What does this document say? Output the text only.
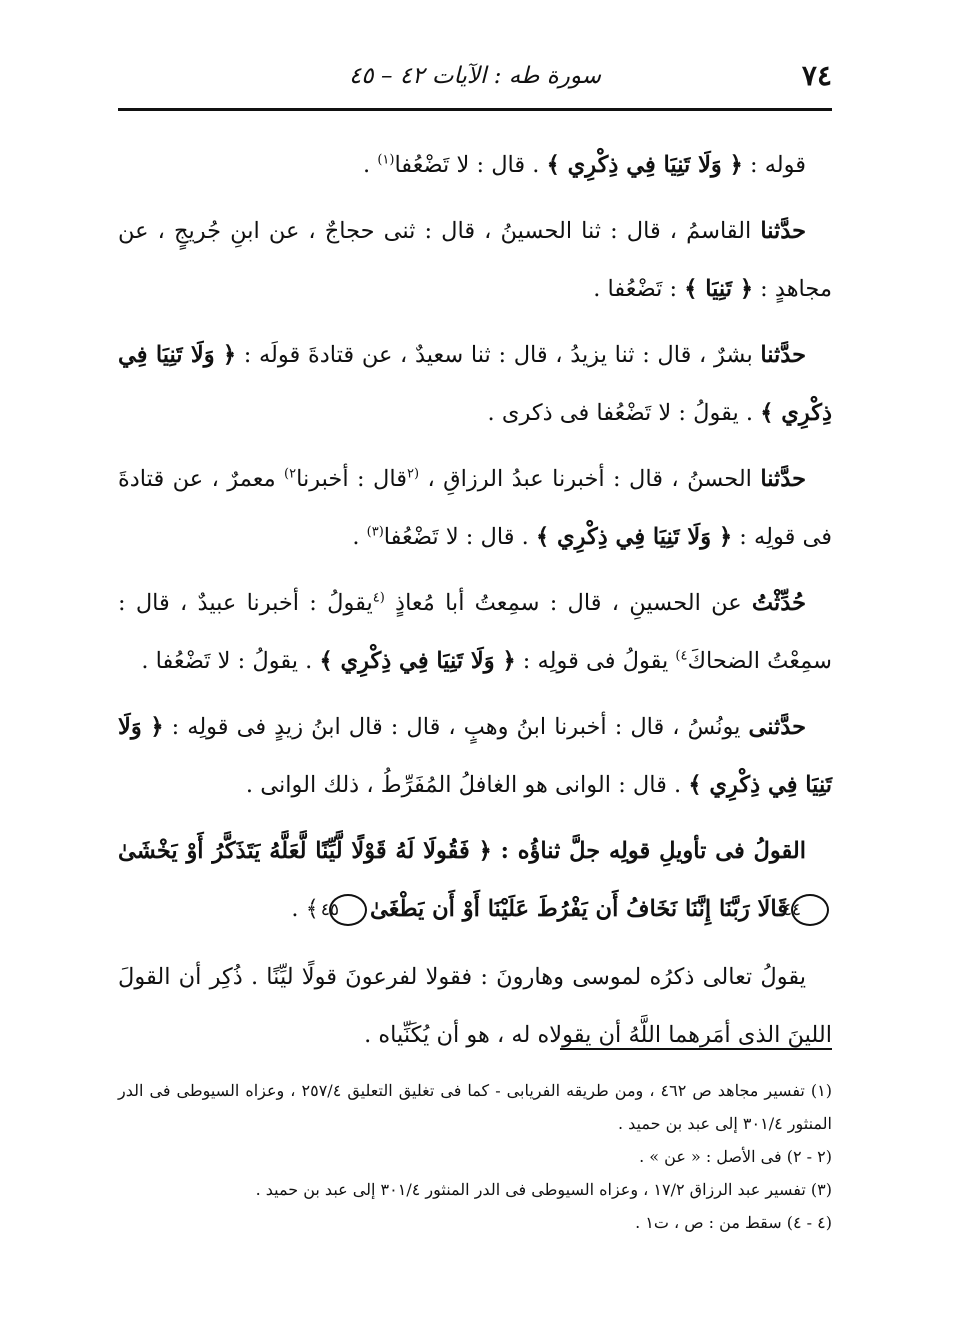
٧٤
سورة طه : الآيات ٤٢ – ٤٥

قوله : ﴿ وَلَا تَنِيَا فِي ذِكْرِي ﴾ . قال : لا تَضْعُفا$^{(١)}$ .

حدَّثنا القاسمُ ، قال : ثنا الحسينُ ، قال : ثنى حجاجٌ ، عن ابنِ جُريجٍ ، عن مجاهدٍ : ﴿ تَنِيَا ﴾ : تَضْعُفا .

حدَّثنا بشرٌ ، قال : ثنا يزيدُ ، قال : ثنا سعيدٌ ، عن قتادةَ قولَه : ﴿ وَلَا تَنِيَا فِي ذِكْرِي ﴾ . يقولُ : لا تَضْعُفا فى ذكرى .

حدَّثنا الحسنُ ، قال : أخبرنا عبدُ الرزاقِ ، $^{(٢}$قال : أخبرنا$^{٢)}$ معمرٌ ، عن قتادةَ فى قولِه : ﴿ وَلَا تَنِيَا فِي ذِكْرِي ﴾ . قال : لا تَضْعُفا$^{(٣)}$ .

حُدِّثْتُ عن الحسينِ ، قال : سمِعتُ أبا مُعاذٍ $^{(٤}$يقولُ : أخبرنا عبيدٌ ، قال : سمِعْتُ الضحاكَ$^{٤)}$ يقولُ فى قولِه : ﴿ وَلَا تَنِيَا فِي ذِكْرِي ﴾ . يقولُ : لا تَضْعُفا .

حدَّثنى يونُسُ ، قال : أخبرنا ابنُ وهبٍ ، قال : قال ابنُ زيدٍ فى قولِه : ﴿ وَلَا تَنِيَا فِي ذِكْرِي ﴾ . قال : الوانى هو الغافلُ المُفَرِّطُ ، ذلك الوانى .

القولُ فى تأويلِ قولِه جلَّ ثناؤُه : ﴿ فَقُولَا لَهُ قَوْلًا لَّيِّنًا لَّعَلَّهُ يَتَذَكَّرُ أَوْ يَخْشَىٰ٤٤قَالَا رَبَّنَا إِنَّنَا نَخَافُ أَن يَفْرُطَ عَلَيْنَا أَوْ أَن يَطْغَىٰ٤٥ ﴾ .

يقولُ تعالى ذكرُه لموسى وهارونَ : فقولا لفرعونَ قولًا ليِّنًا . ذُكِر أن القولَ اللينَ الذى أمَرهما اللَّهُ أن يقولاه له ، هو أن يُكَنِّياه .

(١) تفسير مجاهد ص ٤٦٢ ، ومن طريقه الفريابى - كما فى تغليق التعليق ٢٥٧/٤ ، وعزاه السيوطى فى الدر المنثور ٣٠١/٤ إلى عبد بن حميد .

(٢ - ٢) فى الأصل : « عن » .

(٣) تفسير عبد الرزاق ١٧/٢ ، وعزاه السيوطى فى الدر المنثور ٣٠١/٤ إلى عبد بن حميد .

(٤ - ٤) سقط من : ص ، ت١ .
